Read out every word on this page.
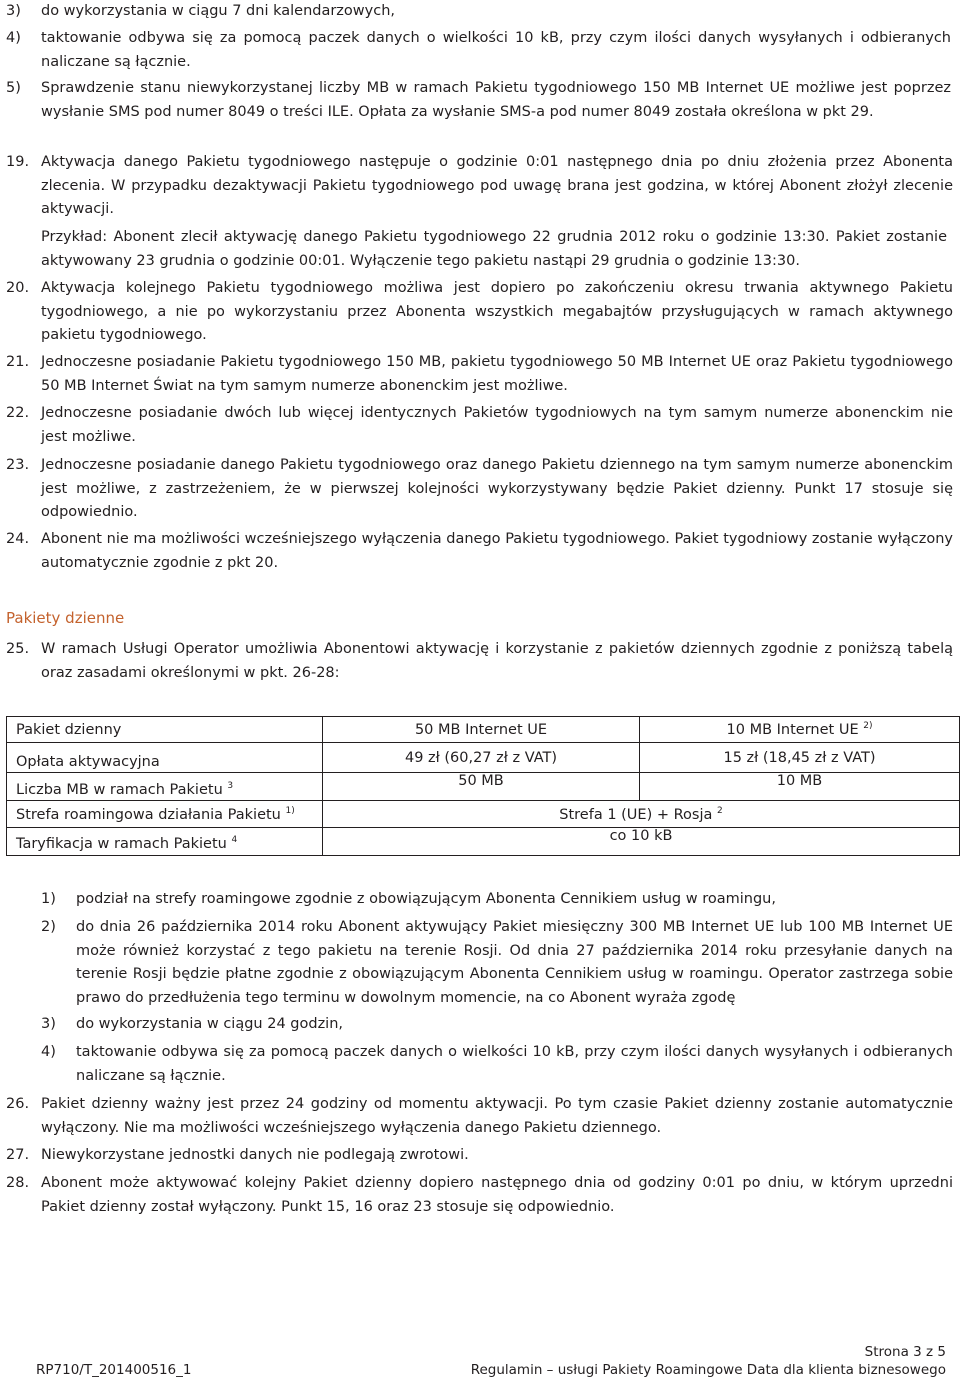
3) do wykorzystania w ciągu 7 dni kalendarzowych,
4) taktowanie odbywa się za pomocą paczek danych o wielkości 10 kB, przy czym ilości danych wysyłanych i odbieranych naliczane są łącznie.
5) Sprawdzenie stanu niewykorzystanej liczby MB w ramach Pakietu tygodniowego 150 MB Internet UE możliwe jest poprzez wysłanie SMS pod numer 8049 o treści ILE. Opłata za wysłanie SMS-a pod numer 8049 została określona w pkt 29.
19. Aktywacja danego Pakietu tygodniowego następuje o godzinie 0:01 następnego dnia po dniu złożenia przez Abonenta zlecenia. W przypadku dezaktywacji Pakietu tygodniowego pod uwagę brana jest godzina, w której Abonent złożył zlecenie aktywacji.
Przykład: Abonent zlecił aktywację danego Pakietu tygodniowego 22 grudnia 2012 roku o godzinie 13:30. Pakiet zostanie aktywowany 23 grudnia o godzinie 00:01. Wyłączenie tego pakietu nastąpi 29 grudnia o godzinie 13:30.
20. Aktywacja kolejnego Pakietu tygodniowego możliwa jest dopiero po zakończeniu okresu trwania aktywnego Pakietu tygodniowego, a nie po wykorzystaniu przez Abonenta wszystkich megabajtów przysługujących w ramach aktywnego pakietu tygodniowego.
21. Jednoczesne posiadanie Pakietu tygodniowego 150 MB, pakietu tygodniowego 50 MB Internet UE oraz Pakietu tygodniowego 50 MB Internet Świat na tym samym numerze abonenckim jest możliwe.
22. Jednoczesne posiadanie dwóch lub więcej identycznych Pakietów tygodniowych na tym samym numerze abonenckim nie jest możliwe.
23. Jednoczesne posiadanie danego Pakietu tygodniowego oraz danego Pakietu dziennego na tym samym numerze abonenckim jest możliwe, z zastrzeżeniem, że w pierwszej kolejności wykorzystywany będzie Pakiet dzienny. Punkt 17 stosuje się odpowiednio.
24. Abonent nie ma możliwości wcześniejszego wyłączenia danego Pakietu tygodniowego. Pakiet tygodniowy zostanie wyłączony automatycznie zgodnie z pkt 20.
Pakiety dzienne
25. W ramach Usługi Operator umożliwia Abonentowi aktywację i korzystanie z pakietów dziennych zgodnie z poniższą tabelą oraz zasadami określonymi w pkt. 26-28:
Pakiet dzienny	50 MB Internet UE	10 MB Internet UE $^{2)}$
Opłata aktywacyjna	49 zł (60,27 zł z VAT)	15 zł (18,45 zł z VAT)
Liczba MB w ramach Pakietu $^3$	50 MB	10 MB
Strefa roamingowa działania Pakietu $^{1)}$	Strefa 1 (UE) + Rosja $^2$
Taryfikacja w ramach Pakietu $^4$	co 10 kB	
1) podział na strefy roamingowe zgodnie z obowiązującym Abonenta Cennikiem usług w roamingu,
2) do dnia 26 października 2014 roku Abonent aktywujący Pakiet miesięczny 300 MB Internet UE lub 100 MB Internet UE może również korzystać z tego pakietu na terenie Rosji. Od dnia 27 października 2014 roku przesyłanie danych na terenie Rosji będzie płatne zgodnie z obowiązującym Abonenta Cennikiem usług w roamingu. Operator zastrzega sobie prawo do przedłużenia tego terminu w dowolnym momencie, na co Abonent wyraża zgodę
3) do wykorzystania w ciągu 24 godzin,
4) taktowanie odbywa się za pomocą paczek danych o wielkości 10 kB, przy czym ilości danych wysyłanych i odbieranych naliczane są łącznie.
26. Pakiet dzienny ważny jest przez 24 godziny od momentu aktywacji. Po tym czasie Pakiet dzienny zostanie automatycznie wyłączony. Nie ma możliwości wcześniejszego wyłączenia danego Pakietu dziennego.
27. Niewykorzystane jednostki danych nie podlegają zwrotowi.
28. Abonent może aktywować kolejny Pakiet dzienny dopiero następnego dnia od godziny 0:01 po dniu, w którym uprzedni Pakiet dzienny został wyłączony. Punkt 15, 16 oraz 23 stosuje się odpowiednio.
Strona 3 z 5
RP710/T_201400516_1	Regulamin – usługi Pakiety Roamingowe Data dla klienta biznesowego
